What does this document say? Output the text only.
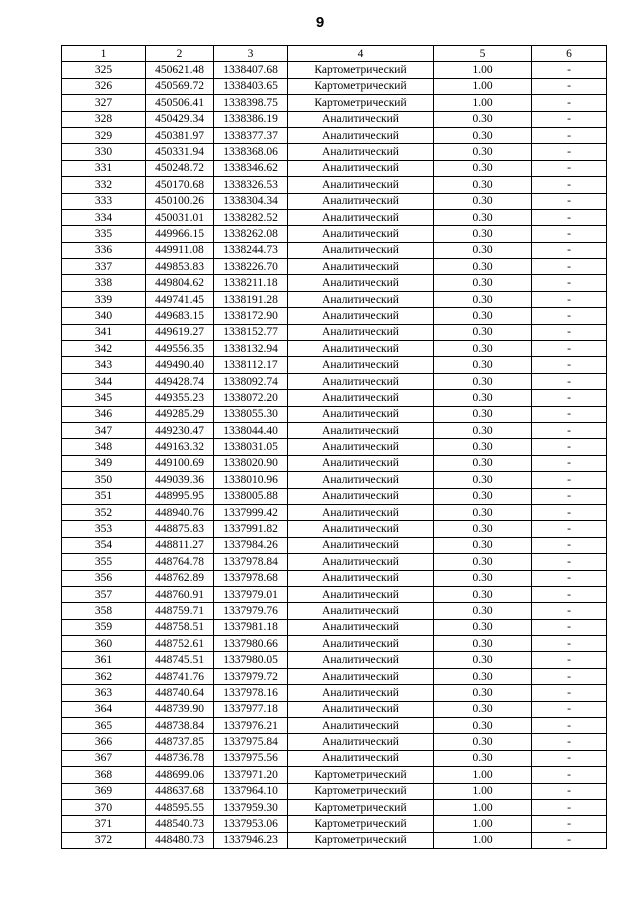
9
1	2	3	4	5	6
325	450621.48	1338407.68	Картометрический	1.00	-
326	450569.72	1338403.65	Картометрический	1.00	-
327	450506.41	1338398.75	Картометрический	1.00	-
328	450429.34	1338386.19	Аналитический	0.30	-
329	450381.97	1338377.37	Аналитический	0.30	-
330	450331.94	1338368.06	Аналитический	0.30	-
331	450248.72	1338346.62	Аналитический	0.30	-
332	450170.68	1338326.53	Аналитический	0.30	-
333	450100.26	1338304.34	Аналитический	0.30	-
334	450031.01	1338282.52	Аналитический	0.30	-
335	449966.15	1338262.08	Аналитический	0.30	-
336	449911.08	1338244.73	Аналитический	0.30	-
337	449853.83	1338226.70	Аналитический	0.30	-
338	449804.62	1338211.18	Аналитический	0.30	-
339	449741.45	1338191.28	Аналитический	0.30	-
340	449683.15	1338172.90	Аналитический	0.30	-
341	449619.27	1338152.77	Аналитический	0.30	-
342	449556.35	1338132.94	Аналитический	0.30	-
343	449490.40	1338112.17	Аналитический	0.30	-
344	449428.74	1338092.74	Аналитический	0.30	-
345	449355.23	1338072.20	Аналитический	0.30	-
346	449285.29	1338055.30	Аналитический	0.30	-
347	449230.47	1338044.40	Аналитический	0.30	-
348	449163.32	1338031.05	Аналитический	0.30	-
349	449100.69	1338020.90	Аналитический	0.30	-
350	449039.36	1338010.96	Аналитический	0.30	-
351	448995.95	1338005.88	Аналитический	0.30	-
352	448940.76	1337999.42	Аналитический	0.30	-
353	448875.83	1337991.82	Аналитический	0.30	-
354	448811.27	1337984.26	Аналитический	0.30	-
355	448764.78	1337978.84	Аналитический	0.30	-
356	448762.89	1337978.68	Аналитический	0.30	-
357	448760.91	1337979.01	Аналитический	0.30	-
358	448759.71	1337979.76	Аналитический	0.30	-
359	448758.51	1337981.18	Аналитический	0.30	-
360	448752.61	1337980.66	Аналитический	0.30	-
361	448745.51	1337980.05	Аналитический	0.30	-
362	448741.76	1337979.72	Аналитический	0.30	-
363	448740.64	1337978.16	Аналитический	0.30	-
364	448739.90	1337977.18	Аналитический	0.30	-
365	448738.84	1337976.21	Аналитический	0.30	-
366	448737.85	1337975.84	Аналитический	0.30	-
367	448736.78	1337975.56	Аналитический	0.30	-
368	448699.06	1337971.20	Картометрический	1.00	-
369	448637.68	1337964.10	Картометрический	1.00	-
370	448595.55	1337959.30	Картометрический	1.00	-
371	448540.73	1337953.06	Картометрический	1.00	-
372	448480.73	1337946.23	Картометрический	1.00	-
